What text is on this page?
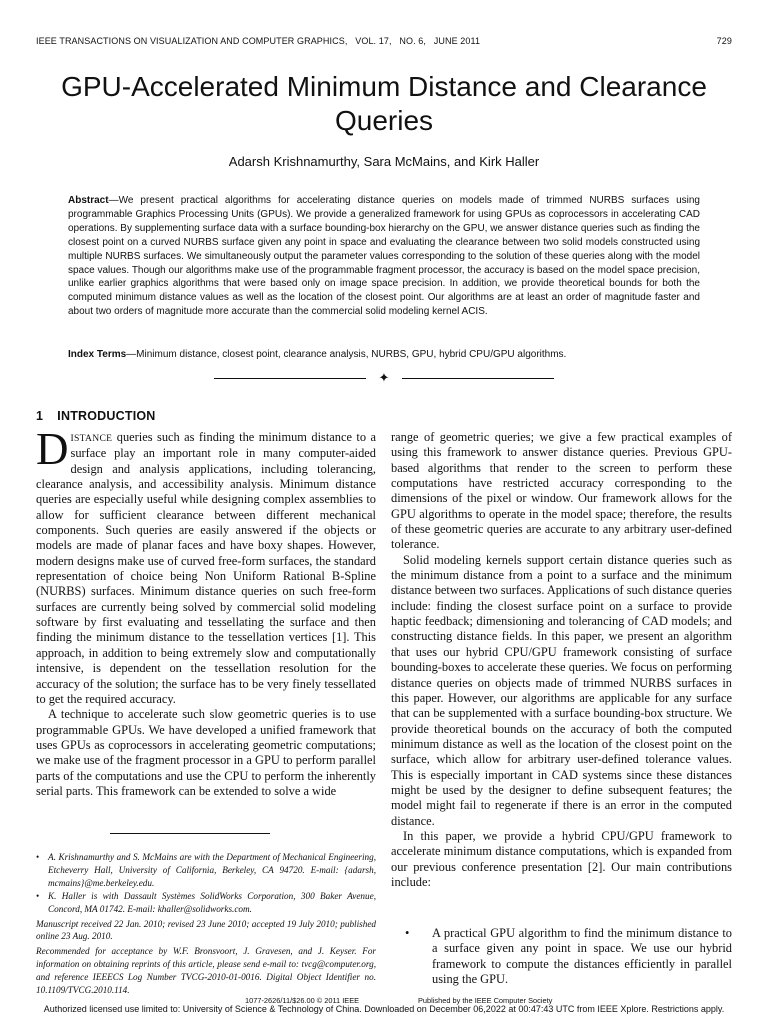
IEEE TRANSACTIONS ON VISUALIZATION AND COMPUTER GRAPHICS, VOL. 17, NO. 6, JUNE 2011	729
GPU-Accelerated Minimum Distance and Clearance Queries
Adarsh Krishnamurthy, Sara McMains, and Kirk Haller

Abstract—We present practical algorithms for accelerating distance queries on models made of trimmed NURBS surfaces using programmable Graphics Processing Units (GPUs). We provide a generalized framework for using GPUs as coprocessors in accelerating CAD operations. By supplementing surface data with a surface bounding-box hierarchy on the GPU, we answer distance queries such as finding the closest point on a curved NURBS surface given any point in space and evaluating the clearance between two solid models constructed using multiple NURBS surfaces. We simultaneously output the parameter values corresponding to the solution of these queries along with the model space values. Though our algorithms make use of the programmable fragment processor, the accuracy is based on the model space precision, unlike earlier graphics algorithms that were based only on image space precision. In addition, we provide theoretical bounds for both the computed minimum distance values as well as the location of the closest point. Our algorithms are at least an order of magnitude faster and about two orders of magnitude more accurate than the commercial solid modeling kernel ACIS.

Index Terms—Minimum distance, closest point, clearance analysis, NURBS, GPU, hybrid CPU/GPU algorithms.

✦
1 INTRODUCTION

DISTANCE queries such as finding the minimum distance to a surface play an important role in many computer-aided design and analysis applications, including tolerancing, clearance analysis, and accessibility analysis. Minimum distance queries are especially useful while designing complex assemblies to allow for sufficient clearance between different mechanical components. Such queries are easily answered if the objects or models are made of planar faces and have boxy shapes. However, modern designs make use of curved free-form surfaces, the standard representation of choice being Non Uniform Rational B-Spline (NURBS) surfaces. Minimum distance queries on such free-form surfaces are currently being solved by commercial solid modeling software by first evaluating and tessellating the surface and then finding the minimum distance to the tessellation vertices [1]. This approach, in addition to being extremely slow and computationally intensive, is dependent on the tessellation resolution for the accuracy of the solution; the surface has to be very finely tessellated to get the required accuracy.

A technique to accelerate such slow geometric queries is to use programmable GPUs. We have developed a unified framework that uses GPUs as coprocessors in accelerating geometric computations; we make use of the fragment processor in a GPU to perform parallel parts of the computations and use the CPU to perform the inherently serial parts. This framework can be extended to solve a wide

range of geometric queries; we give a few practical examples of using this framework to answer distance queries. Previous GPU-based algorithms that render to the screen to perform these computations have restricted accuracy corresponding to the dimensions of the pixel or window. Our framework allows for the GPU algorithms to operate in the model space; therefore, the results of these geometric queries are accurate to any arbitrary user-defined tolerance.

Solid modeling kernels support certain distance queries such as the minimum distance from a point to a surface and the minimum distance between two surfaces. Applications of such distance queries include: finding the closest surface point on a surface to provide haptic feedback; dimensioning and tolerancing of CAD models; and constructing distance fields. In this paper, we present an algorithm that uses our hybrid CPU/GPU framework consisting of surface bounding-boxes to accelerate these queries. We focus on performing distance queries on objects made of trimmed NURBS surfaces in this paper. However, our algorithms are applicable for any surface that can be supplemented with a surface bounding-box structure. We provide theoretical bounds on the accuracy of both the computed minimum distance as well as the location of the closest point on the surface, which allow for arbitrary user-defined tolerance values. This is especially important in CAD systems since these distances might be used by the designer to define subsequent features; the model might fail to regenerate if there is an error in the computed distance.

In this paper, we provide a hybrid CPU/GPU framework to accelerate minimum distance computations, which is expanded from our previous conference presentation [2]. Our main contributions include:

• A practical GPU algorithm to find the minimum distance to a surface given any point in space. We use our hybrid framework to compute the distances efficiently in parallel using the GPU.
• A. Krishnamurthy and S. McMains are with the Department of Mechanical Engineering, Etcheverry Hall, University of California, Berkeley, CA 94720. E-mail: {adarsh, mcmains}@me.berkeley.edu.
• K. Haller is with Dassault Systèmes SolidWorks Corporation, 300 Baker Avenue, Concord, MA 01742. E-mail: khaller@solidworks.com.
Manuscript received 22 Jan. 2010; revised 23 June 2010; accepted 19 July 2010; published online 23 Aug. 2010.
Recommended for acceptance by W.F. Bronsvoort, J. Gravesen, and J. Keyser. For information on obtaining reprints of this article, please send e-mail to: tvcg@computer.org, and reference IEEECS Log Number TVCG-2010-01-0016. Digital Object Identifier no. 10.1109/TVCG.2010.114.
1077-2626/11/$26.00 © 2011 IEEE	Published by the IEEE Computer Society
Authorized licensed use limited to: University of Science & Technology of China. Downloaded on December 06,2022 at 00:47:43 UTC from IEEE Xplore. Restrictions apply.
